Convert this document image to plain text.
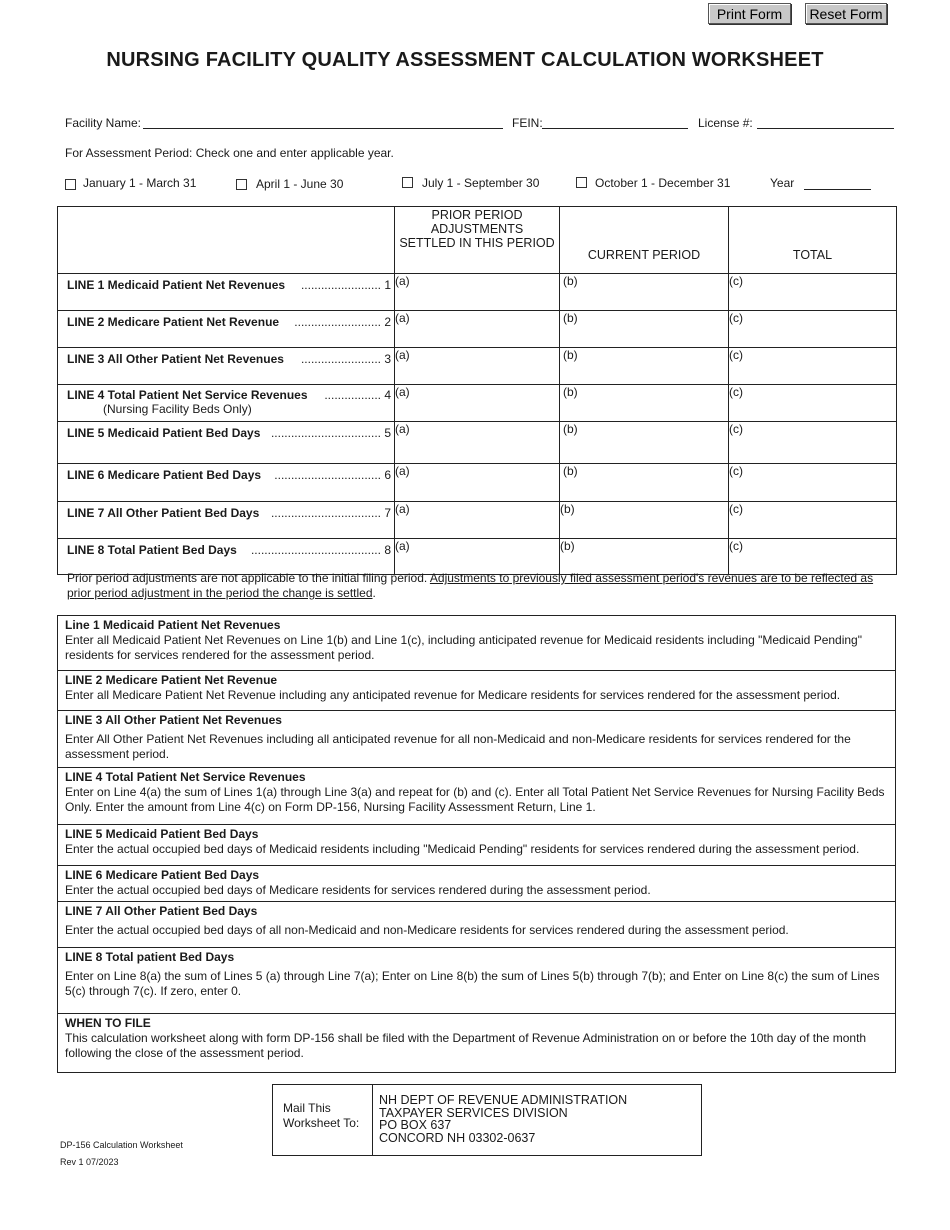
Print Form	Reset Form
NURSING FACILITY QUALITY ASSESSMENT CALCULATION WORKSHEET
Facility Name:	FEIN:	License #:
For Assessment Period: Check one and enter applicable year.
January 1 - March 31	April 1 - June 30	July 1 - September 30	October 1 - December 31	Year

	PRIOR PERIOD
ADJUSTMENTS
SETTLED IN THIS PERIOD	CURRENT PERIOD	TOTAL

LINE 1 Medicaid Patient Net Revenues ........................ 1	(a)	(b)	(c)

LINE 2 Medicare Patient Net Revenue .......................... 2	(a)	(b)	(c)

LINE 3 All Other Patient Net Revenues ........................ 3	(a)	(b)	(c)

LINE 4 Total Patient Net Service Revenues ................. 4
(Nursing Facility Beds Only)	(a)	(b)	(c)

LINE 5 Medicaid Patient Bed Days ................................. 5	(a)	(b)	(c)

LINE 6 Medicare Patient Bed Days ................................ 6	(a)	(b)	(c)

LINE 7 All Other Patient Bed Days ................................. 7	(a)	(b)	(c)

LINE 8 Total Patient Bed Days ....................................... 8	(a)	(b)	(c)
Prior period adjustments are not applicable to the initial filing period. Adjustments to previously filed assessment period's revenues are to be reflected as prior period adjustment in the period the change is settled.
Line 1 Medicaid Patient Net Revenues
Enter all Medicaid Patient Net Revenues on Line 1(b) and Line 1(c), including anticipated revenue for Medicaid residents including "Medicaid Pending" residents for services rendered for the assessment period.
LINE 2 Medicare Patient Net Revenue
Enter all Medicare Patient Net Revenue including any anticipated revenue for Medicare residents for services rendered for the assessment period.
LINE 3 All Other Patient Net Revenues
Enter All Other Patient Net Revenues including all anticipated revenue for all non-Medicaid and non-Medicare residents for services rendered for the assessment period.
LINE 4 Total Patient Net Service Revenues
Enter on Line 4(a) the sum of Lines 1(a) through Line 3(a) and repeat for (b) and (c). Enter all Total Patient Net Service Revenues for Nursing Facility Beds Only. Enter the amount from Line 4(c) on Form DP-156, Nursing Facility Assessment Return, Line 1.
LINE 5 Medicaid Patient Bed Days
Enter the actual occupied bed days of Medicaid residents including "Medicaid Pending" residents for services rendered during the assessment period.
LINE 6 Medicare Patient Bed Days
Enter the actual occupied bed days of Medicare residents for services rendered during the assessment period.
LINE 7 All Other Patient Bed Days
Enter the actual occupied bed days of all non-Medicaid and non-Medicare residents for services rendered during the assessment period.
LINE 8 Total patient Bed Days
Enter on Line 8(a) the sum of Lines 5 (a) through Line 7(a); Enter on Line 8(b) the sum of Lines 5(b) through 7(b); and Enter on Line 8(c) the sum of Lines 5(c) through 7(c). If zero, enter 0.
WHEN TO FILE
This calculation worksheet along with form DP-156 shall be filed with the Department of Revenue Administration on or before the 10th day of the month following the close of the assessment period.
Mail This Worksheet To:
NH DEPT OF REVENUE ADMINISTRATION
TAXPAYER SERVICES DIVISION
PO BOX 637
CONCORD NH 03302-0637
DP-156 Calculation Worksheet
Rev 1 07/2023
